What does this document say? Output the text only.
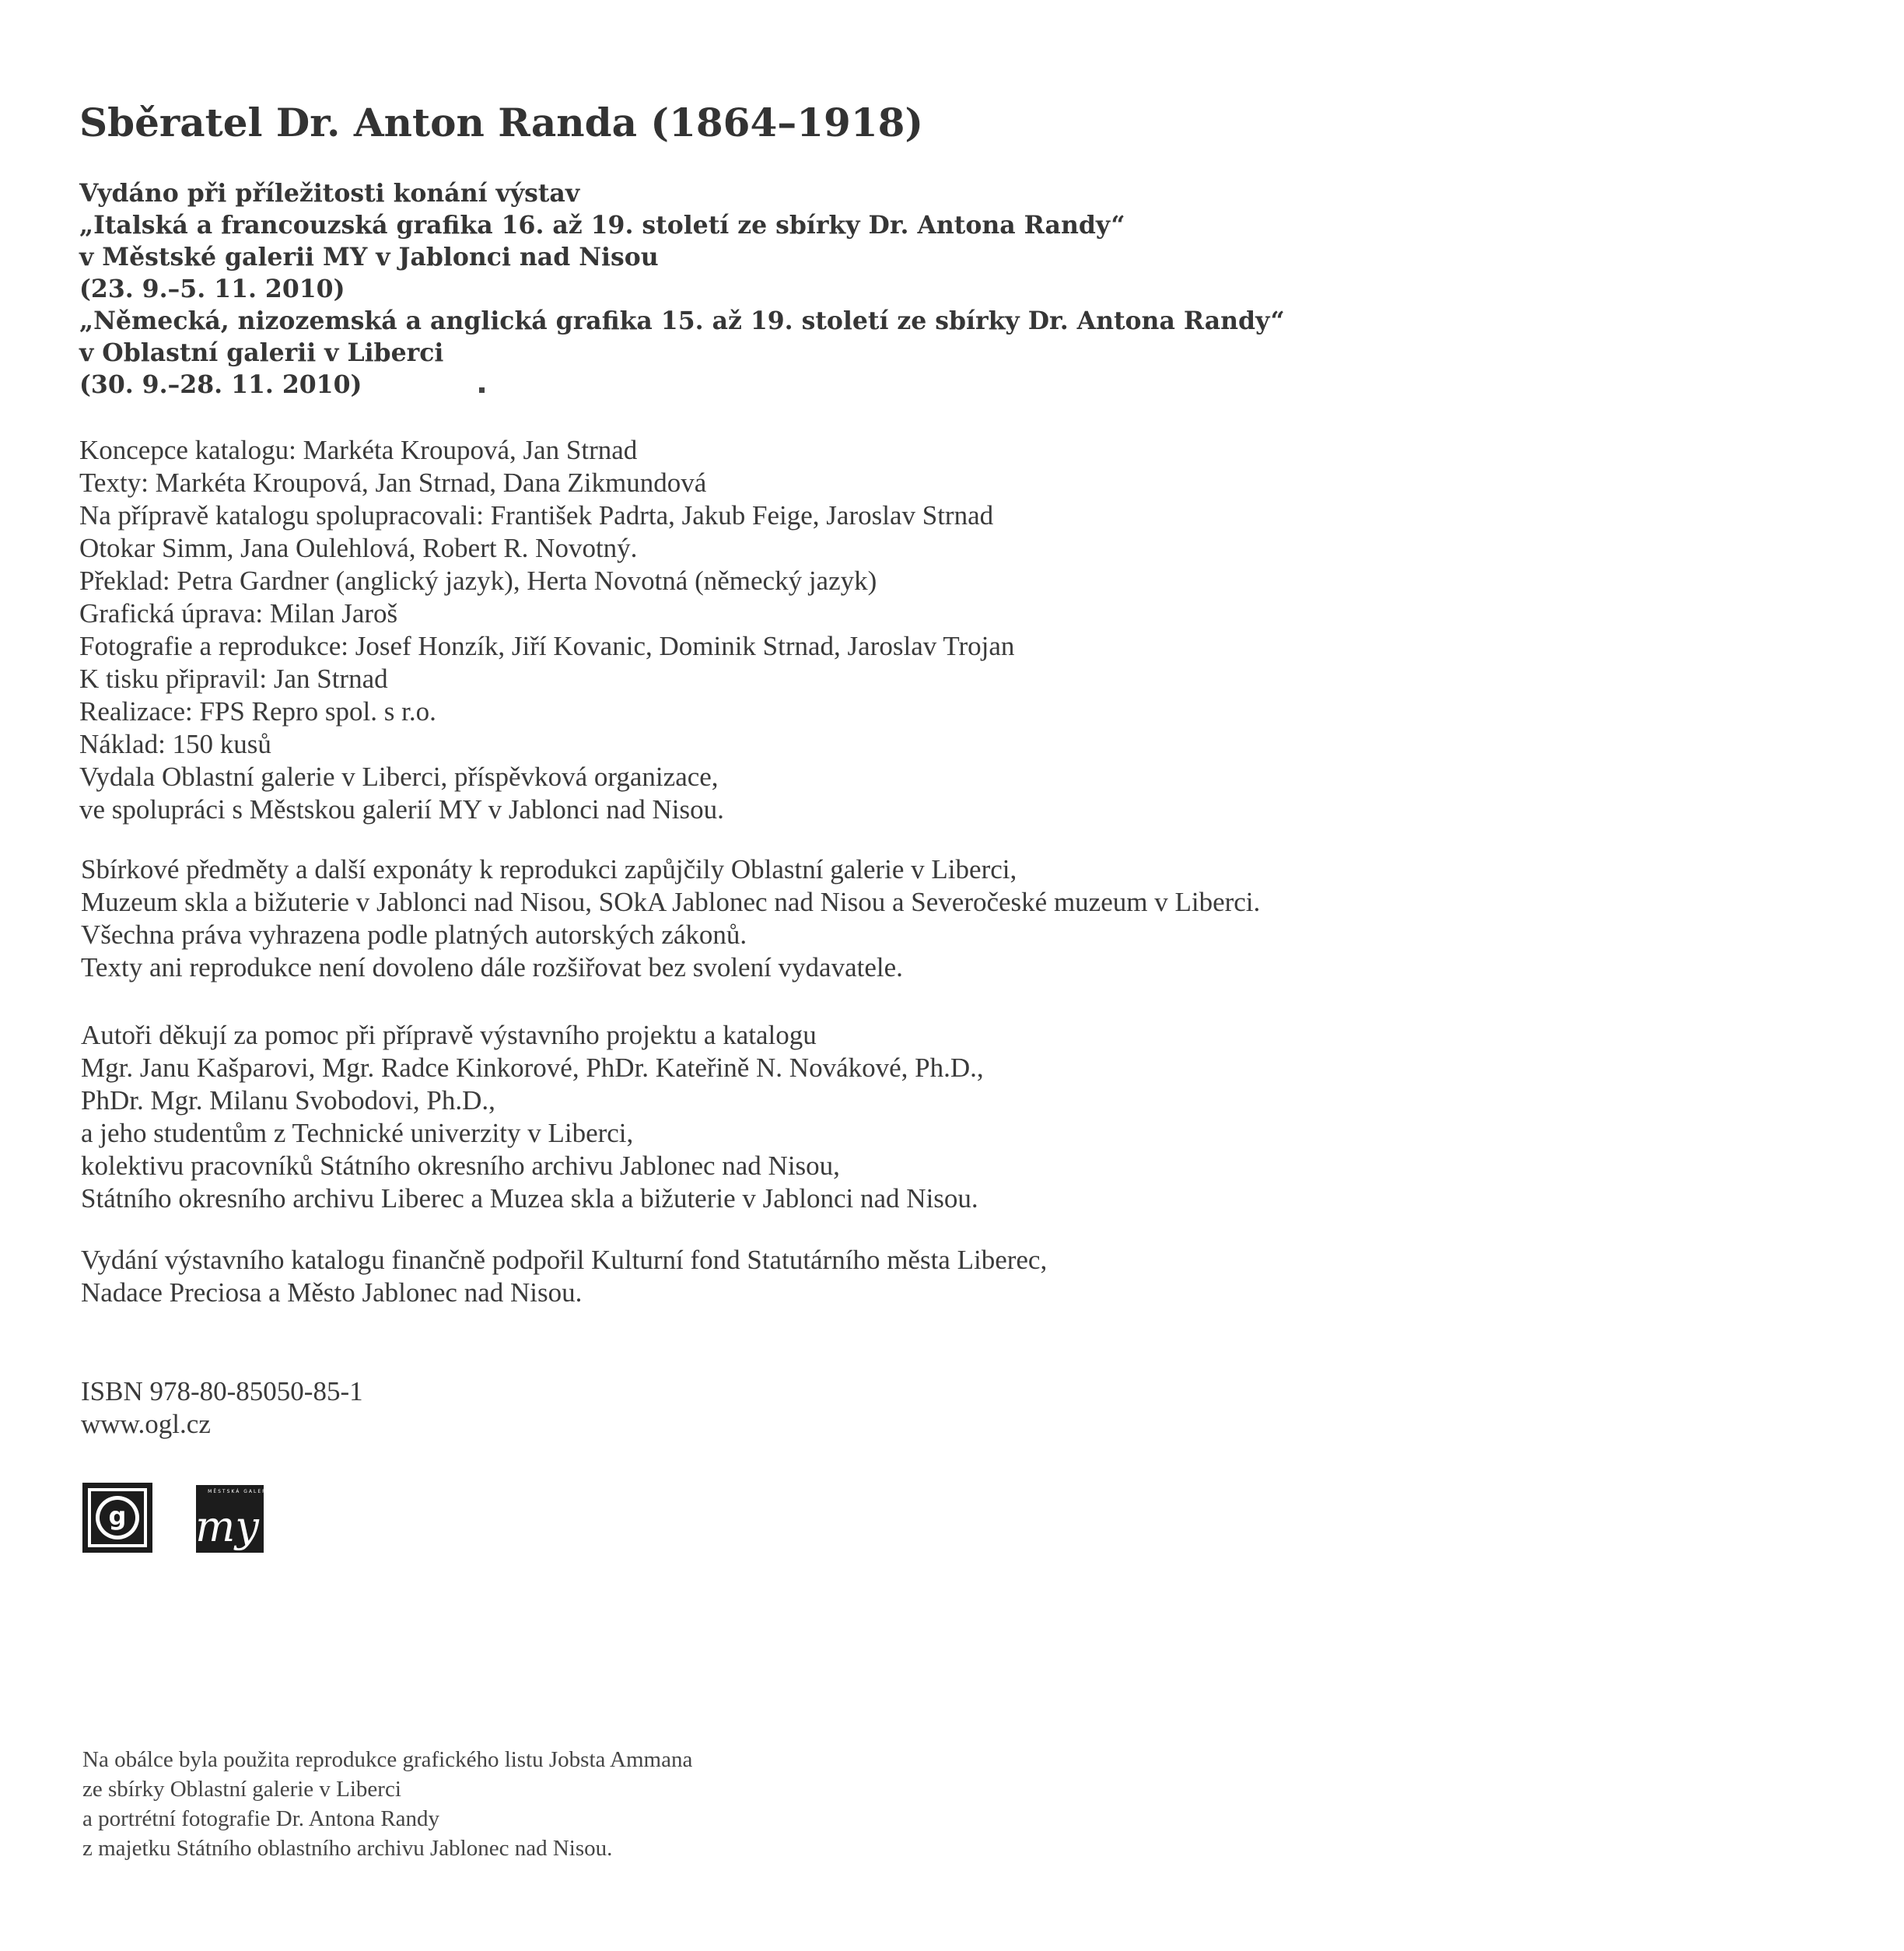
Sběratel Dr. Anton Randa (1864–1918)
Vydáno při příležitosti konání výstav
„Italská a francouzská grafika 16. až 19. století ze sbírky Dr. Antona Randy“
v Městské galerii MY v Jablonci nad Nisou
(23. 9.–5. 11. 2010)
„Německá, nizozemská a anglická grafika 15. až 19. století ze sbírky Dr. Antona Randy“
v Oblastní galerii v Liberci
(30. 9.–28. 11. 2010)
Koncepce katalogu: Markéta Kroupová, Jan Strnad
Texty: Markéta Kroupová, Jan Strnad, Dana Zikmundová
Na přípravě katalogu spolupracovali: František Padrta, Jakub Feige, Jaroslav Strnad
Otokar Simm, Jana Oulehlová, Robert R. Novotný.
Překlad: Petra Gardner (anglický jazyk), Herta Novotná (německý jazyk)
Grafická úprava: Milan Jaroš
Fotografie a reprodukce: Josef Honzík, Jiří Kovanic, Dominik Strnad, Jaroslav Trojan
K tisku připravil: Jan Strnad
Realizace: FPS Repro spol. s r.o.
Náklad: 150 kusů
Vydala Oblastní galerie v Liberci, příspěvková organizace,
ve spolupráci s Městskou galerií MY v Jablonci nad Nisou.
Sbírkové předměty a další exponáty k reprodukci zapůjčily Oblastní galerie v Liberci,
Muzeum skla a bižuterie v Jablonci nad Nisou, SOkA Jablonec nad Nisou a Severočeské muzeum v Liberci.
Všechna práva vyhrazena podle platných autorských zákonů.
Texty ani reprodukce není dovoleno dále rozšiřovat bez svolení vydavatele.
Autoři děkují za pomoc při přípravě výstavního projektu a katalogu
Mgr. Janu Kašparovi, Mgr. Radce Kinkorové, PhDr. Kateřině N. Novákové, Ph.D.,
PhDr. Mgr. Milanu Svobodovi, Ph.D.,
a jeho studentům z Technické univerzity v Liberci,
kolektivu pracovníků Státního okresního archivu Jablonec nad Nisou,
Státního okresního archivu Liberec a Muzea skla a bižuterie v Jablonci nad Nisou.
Vydání výstavního katalogu finančně podpořil Kulturní fond Statutárního města Liberec,
Nadace Preciosa a Město Jablonec nad Nisou.
ISBN 978-80-85050-85-1
www.ogl.cz
g
MĚSTSKÁ GALERIE
my
Na obálce byla použita reprodukce grafického listu Jobsta Ammana
ze sbírky Oblastní galerie v Liberci
a portrétní fotografie Dr. Antona Randy
z majetku Státního oblastního archivu Jablonec nad Nisou.
